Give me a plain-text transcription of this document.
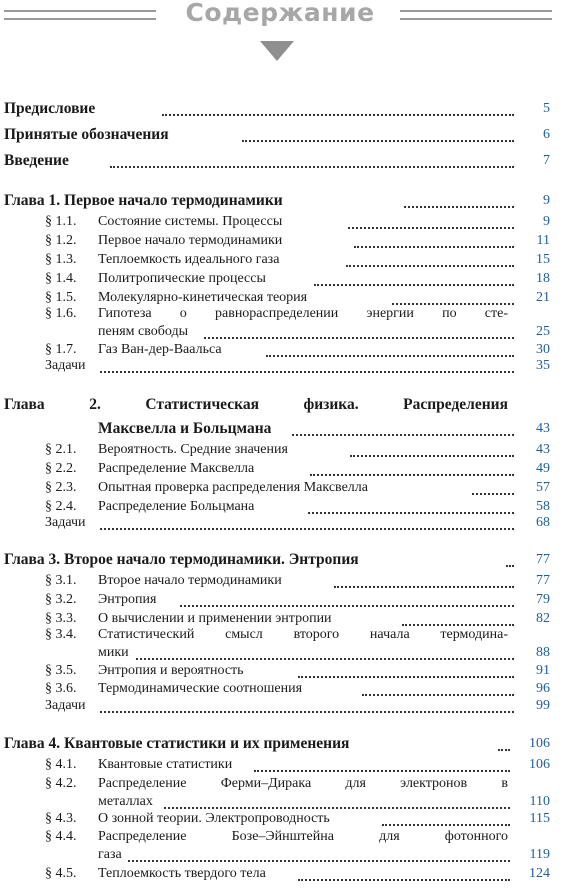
Содержание
Предисловие	5
Принятые обозначения	6
Введение	7
Глава 1. Первое начало термодинамики	9
§ 1.1. Состояние системы. Процессы	9
§ 1.2. Первое начало термодинамики	11
§ 1.3. Теплоемкость идеального газа	15
§ 1.4. Политропические процессы	18
§ 1.5. Молекулярно-кинетическая теория	21
§ 1.6. Гипотеза о равнораспределении энергии по сте-
пеням свободы	25
§ 1.7. Газ Ван-дер-Ваальса	30
Задачи	35
Глава 2. Статистическая физика. Распределения
Максвелла и Больцмана	43
§ 2.1. Вероятность. Средние значения	43
§ 2.2. Распределение Максвелла	49
§ 2.3. Опытная проверка распределения Максвелла	57
§ 2.4. Распределение Больцмана	58
Задачи	68
Глава 3. Второе начало термодинамики. Энтропия	77
§ 3.1. Второе начало термодинамики	77
§ 3.2. Энтропия	79
§ 3.3. О вычислении и применении энтропии	82
§ 3.4. Статистический смысл второго начала термодина-
мики	88
§ 3.5. Энтропия и вероятность	91
§ 3.6. Термодинамические соотношения	96
Задачи	99
Глава 4. Квантовые статистики и их применения	106
§ 4.1. Квантовые статистики	106
§ 4.2. Распределение Ферми–Дирака для электронов в
металлах	110
§ 4.3. О зонной теории. Электропроводность	115
§ 4.4. Распределение Бозе–Эйнштейна для фотонного
газа	119
§ 4.5. Теплоемкость твердого тела	124
